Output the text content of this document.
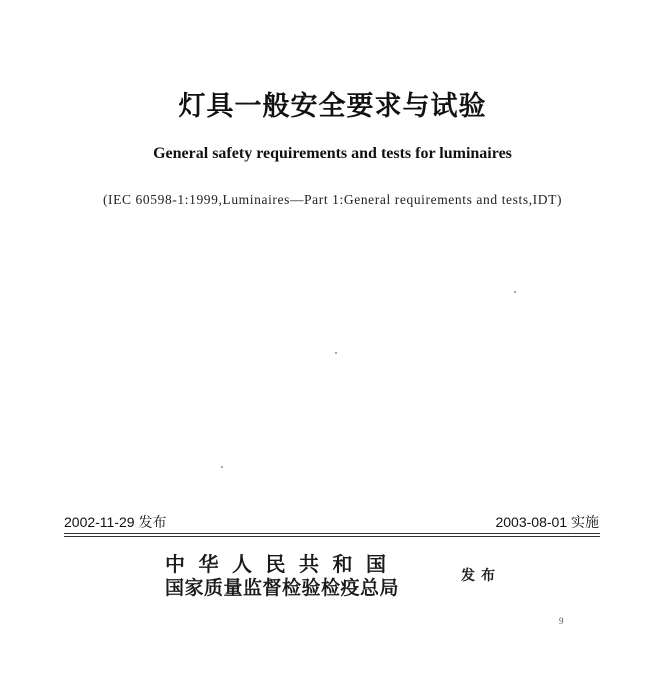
灯具一般安全要求与试验
General safety requirements and tests for luminaires
(IEC 60598-1:1999,Luminaires—Part 1:General requirements and tests,IDT)
2002-11-29 发布	2003-08-01 实施
中华人民共和国
国家质量监督检验检疫总局
发布
9
